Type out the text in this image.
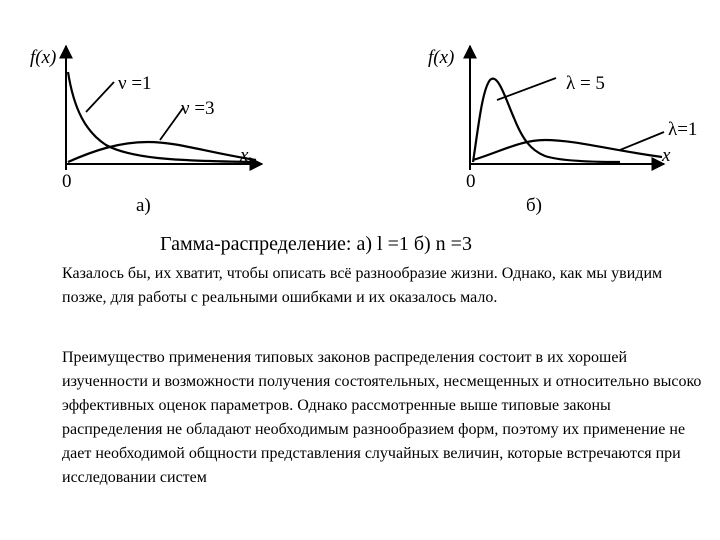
f(x)
x
0
ν =1
ν =3
а)
f(x)
x
0
λ = 5
λ=1
б)
Гамма-распределение: а) l =1 б) n =3

Казалось бы, их хватит, чтобы описать всё разнообразие жизни. Однако, как мы увидим позже, для работы с реальными ошибками и их оказалось мало.

Преимущество применения типовых законов распределения состоит в их хорошей изученности и возможности получения состоятельных, несмещенных и относительно высоко эффективных оценок параметров. Однако рассмотренные выше типовые законы распределения не обладают необходимым разнообразием форм, поэтому их применение не дает необходимой общности представления случайных величин, которые встречаются при исследовании систем
